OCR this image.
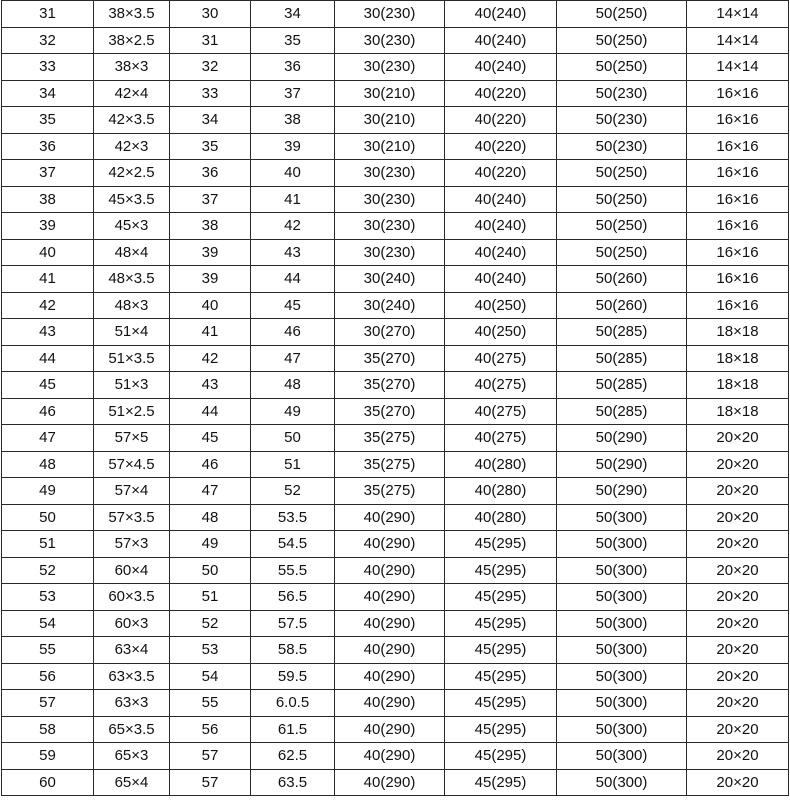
31	38×3.5	30	34	30(230)	40(240)	50(250)	14×14
32	38×2.5	31	35	30(230)	40(240)	50(250)	14×14
33	38×3	32	36	30(230)	40(240)	50(250)	14×14
34	42×4	33	37	30(210)	40(220)	50(230)	16×16
35	42×3.5	34	38	30(210)	40(220)	50(230)	16×16
36	42×3	35	39	30(210)	40(220)	50(230)	16×16
37	42×2.5	36	40	30(230)	40(220)	50(250)	16×16
38	45×3.5	37	41	30(230)	40(240)	50(250)	16×16
39	45×3	38	42	30(230)	40(240)	50(250)	16×16
40	48×4	39	43	30(230)	40(240)	50(250)	16×16
41	48×3.5	39	44	30(240)	40(240)	50(260)	16×16
42	48×3	40	45	30(240)	40(250)	50(260)	16×16
43	51×4	41	46	30(270)	40(250)	50(285)	18×18
44	51×3.5	42	47	35(270)	40(275)	50(285)	18×18
45	51×3	43	48	35(270)	40(275)	50(285)	18×18
46	51×2.5	44	49	35(270)	40(275)	50(285)	18×18
47	57×5	45	50	35(275)	40(275)	50(290)	20×20
48	57×4.5	46	51	35(275)	40(280)	50(290)	20×20
49	57×4	47	52	35(275)	40(280)	50(290)	20×20
50	57×3.5	48	53.5	40(290)	40(280)	50(300)	20×20
51	57×3	49	54.5	40(290)	45(295)	50(300)	20×20
52	60×4	50	55.5	40(290)	45(295)	50(300)	20×20
53	60×3.5	51	56.5	40(290)	45(295)	50(300)	20×20
54	60×3	52	57.5	40(290)	45(295)	50(300)	20×20
55	63×4	53	58.5	40(290)	45(295)	50(300)	20×20
56	63×3.5	54	59.5	40(290)	45(295)	50(300)	20×20
57	63×3	55	6.0.5	40(290)	45(295)	50(300)	20×20
58	65×3.5	56	61.5	40(290)	45(295)	50(300)	20×20
59	65×3	57	62.5	40(290)	45(295)	50(300)	20×20
60	65×4	57	63.5	40(290)	45(295)	50(300)	20×20
